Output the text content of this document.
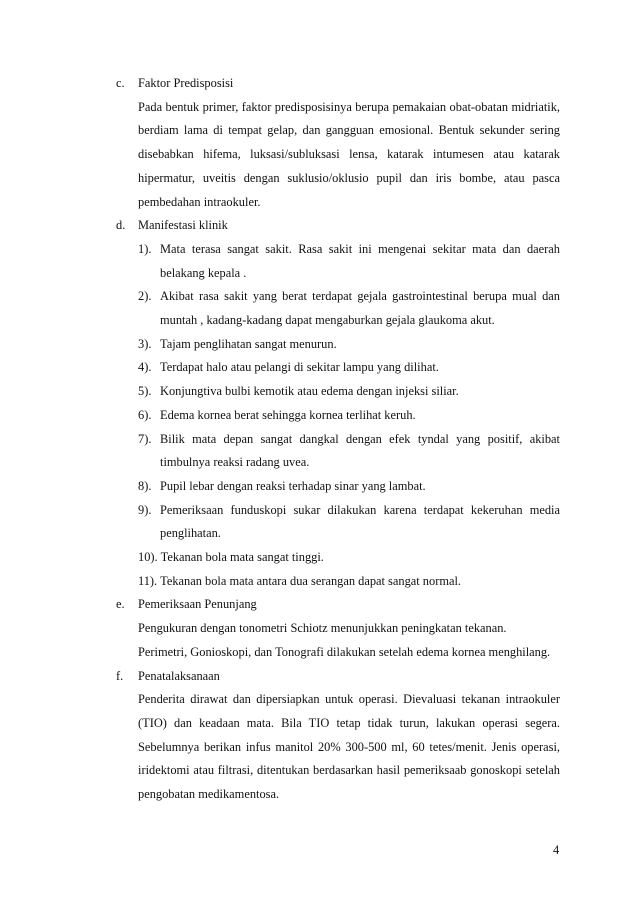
c.	Faktor Predisposisi

Pada bentuk primer, faktor predisposisinya berupa pemakaian obat-obatan midriatik, berdiam lama di tempat gelap, dan gangguan emosional. Bentuk sekunder sering disebabkan hifema, luksasi/subluksasi lensa, katarak intumesen atau katarak hipermatur, uveitis dengan suklusio/oklusio pupil dan iris bombe, atau pasca pembedahan intraokuler.

d.	Manifestasi klinik
1). Mata terasa sangat sakit. Rasa sakit ini mengenai sekitar mata dan daerah belakang kepala .
2). Akibat rasa sakit yang berat terdapat gejala gastrointestinal berupa mual dan muntah , kadang-kadang dapat mengaburkan gejala glaukoma akut.
3). Tajam penglihatan sangat menurun.
4). Terdapat halo atau pelangi di sekitar lampu yang dilihat.
5). Konjungtiva bulbi kemotik atau edema dengan injeksi siliar.
6). Edema kornea berat sehingga kornea terlihat keruh.
7). Bilik mata depan sangat dangkal dengan efek tyndal yang positif, akibat timbulnya reaksi radang uvea.
8). Pupil lebar dengan reaksi terhadap sinar yang lambat.
9). Pemeriksaan funduskopi sukar dilakukan karena terdapat kekeruhan media penglihatan.
10). Tekanan bola mata sangat tinggi.
11). Tekanan bola mata antara dua serangan dapat sangat normal.
e.	Pemeriksaan Penunjang

Pengukuran dengan tonometri Schiotz menunjukkan peningkatan tekanan.

Perimetri, Gonioskopi, dan Tonografi dilakukan setelah edema kornea menghilang.

f.	Penatalaksanaan

Penderita dirawat dan dipersiapkan untuk operasi. Dievaluasi tekanan intraokuler (TIO) dan keadaan mata. Bila TIO tetap tidak turun, lakukan operasi segera. Sebelumnya berikan infus manitol 20% 300-500 ml, 60 tetes/menit. Jenis operasi, iridektomi atau filtrasi, ditentukan berdasarkan hasil pemeriksaab gonoskopi setelah pengobatan medikamentosa.

4
